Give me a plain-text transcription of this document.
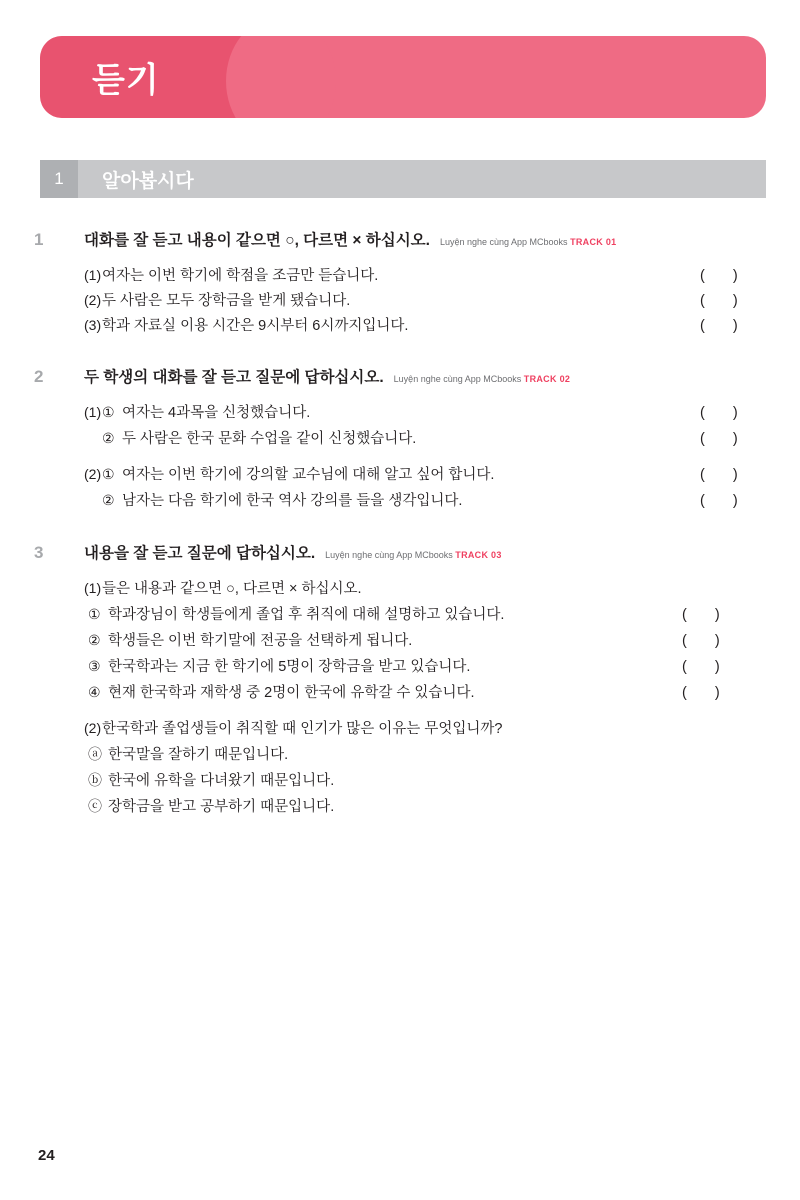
듣기
1	알아봅시다
1	대화를 잘 듣고 내용이 같으면 ○, 다르면 × 하십시오. Luyện nghe cùng App MCbooks TRACK 01
(1) 여자는 이번 학기에 학점을 조금만 듣습니다.	( )
(2) 두 사람은 모두 장학금을 받게 됐습니다.	( )
(3) 학과 자료실 이용 시간은 9시부터 6시까지입니다.	( )
2	두 학생의 대화를 잘 듣고 질문에 답하십시오. Luyện nghe cùng App MCbooks TRACK 02
(1) ① 여자는 4과목을 신청했습니다.	( )
② 두 사람은 한국 문화 수업을 같이 신청했습니다.	( )
(2) ① 여자는 이번 학기에 강의할 교수님에 대해 알고 싶어 합니다.	( )
② 남자는 다음 학기에 한국 역사 강의를 들을 생각입니다.	( )
3	내용을 잘 듣고 질문에 답하십시오. Luyện nghe cùng App MCbooks TRACK 03
(1) 들은 내용과 같으면 ○, 다르면 × 하십시오.
① 학과장님이 학생들에게 졸업 후 취직에 대해 설명하고 있습니다.	( )
② 학생들은 이번 학기말에 전공을 선택하게 됩니다.	( )
③ 한국학과는 지금 한 학기에 5명이 장학금을 받고 있습니다.	( )
④ 현재 한국학과 재학생 중 2명이 한국에 유학갈 수 있습니다.	( )
(2) 한국학과 졸업생들이 취직할 때 인기가 많은 이유는 무엇입니까?
ⓐ 한국말을 잘하기 때문입니다.
ⓑ 한국에 유학을 다녀왔기 때문입니다.
ⓒ 장학금을 받고 공부하기 때문입니다.
24
